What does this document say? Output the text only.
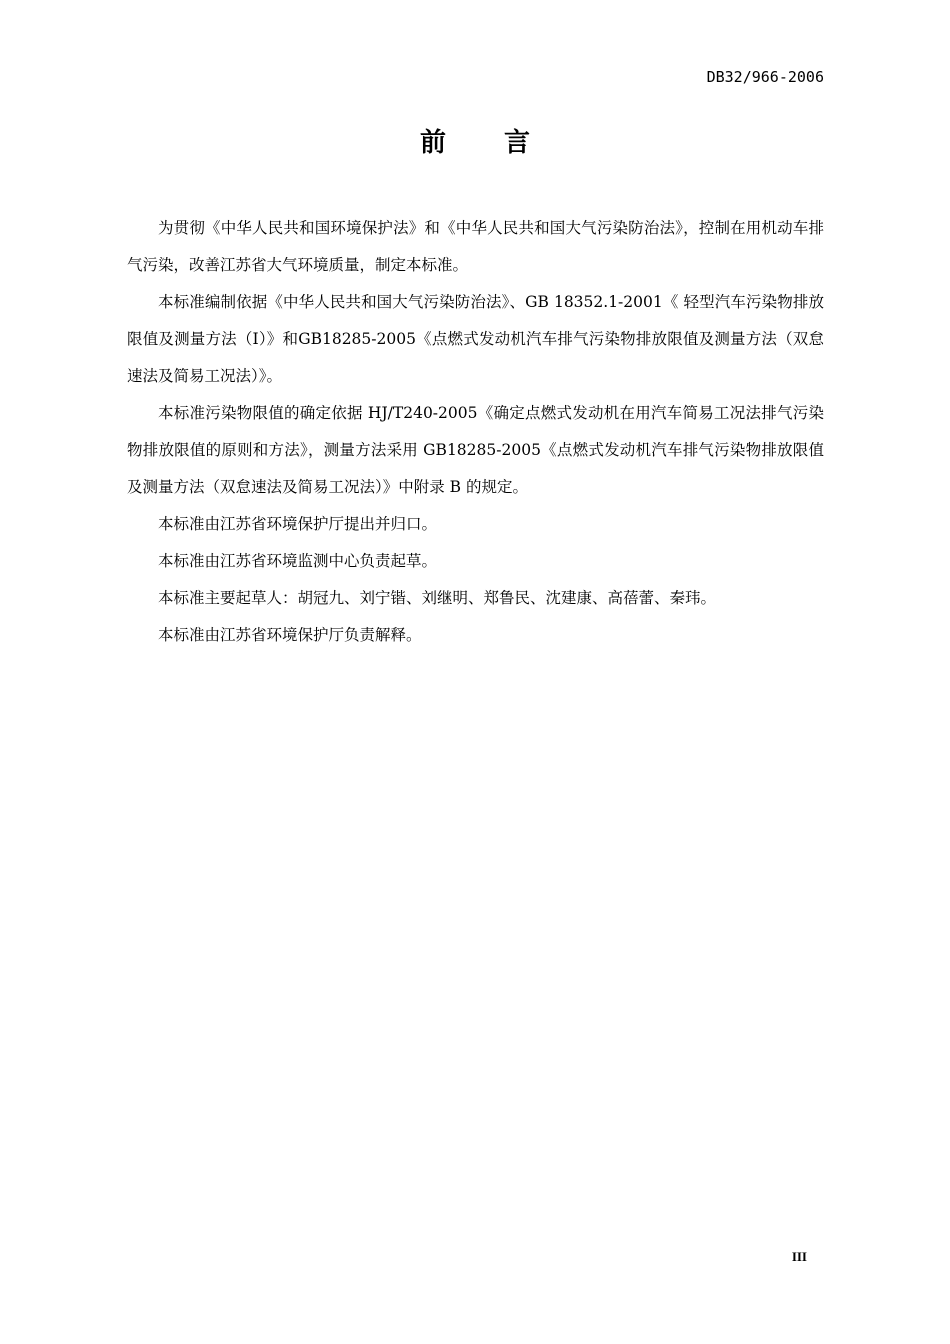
DB32/966-2006
前 言

为贯彻《中华人民共和国环境保护法》和《中华人民共和国大气污染防治法》，控制在用机动车排气污染，改善江苏省大气环境质量，制定本标准。

本标准编制依据《中华人民共和国大气污染防治法》、GB 18352.1-2001《 轻型汽车污染物排放限值及测量方法（Ⅰ）》和GB18285-2005《点燃式发动机汽车排气污染物排放限值及测量方法（双怠速法及简易工况法）》。

本标准污染物限值的确定依据 HJ/T240-2005《确定点燃式发动机在用汽车简易工况法排气污染物排放限值的原则和方法》，测量方法采用 GB18285-2005《点燃式发动机汽车排气污染物排放限值及测量方法（双怠速法及简易工况法）》中附录 B 的规定。

本标准由江苏省环境保护厅提出并归口。

本标准由江苏省环境监测中心负责起草。

本标准主要起草人：胡冠九、刘宁锴、刘继明、郑鲁民、沈建康、高蓓蕾、秦玮。

本标准由江苏省环境保护厅负责解释。

III
